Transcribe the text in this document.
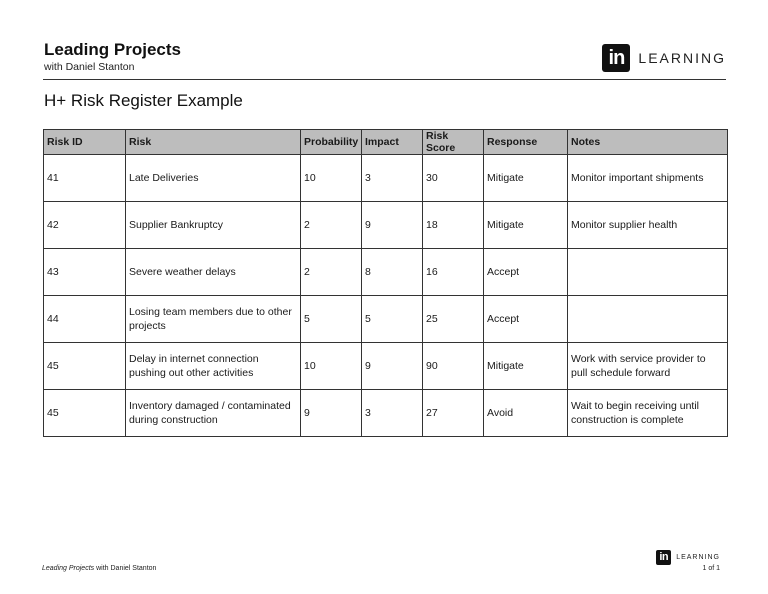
Leading Projects
with Daniel Stanton	in	LEARNING
H+ Risk Register Example
Risk ID	Risk	Probability	Impact	Risk Score	Response	Notes
41	Late Deliveries	10	3	30	Mitigate	Monitor important shipments
42	Supplier Bankruptcy	2	9	18	Mitigate	Monitor supplier health
43	Severe weather delays	2	8	16	Accept	
44	Losing team members due to other projects	5	5	25	Accept	
45	Delay in internet connection pushing out other activities	10	9	90	Mitigate	Work with service provider to pull schedule forward
45	Inventory damaged / contaminated during construction	9	3	27	Avoid	Wait to begin receiving until construction is complete
Leading Projects with Daniel Stanton
in	LEARNING
1 of 1
